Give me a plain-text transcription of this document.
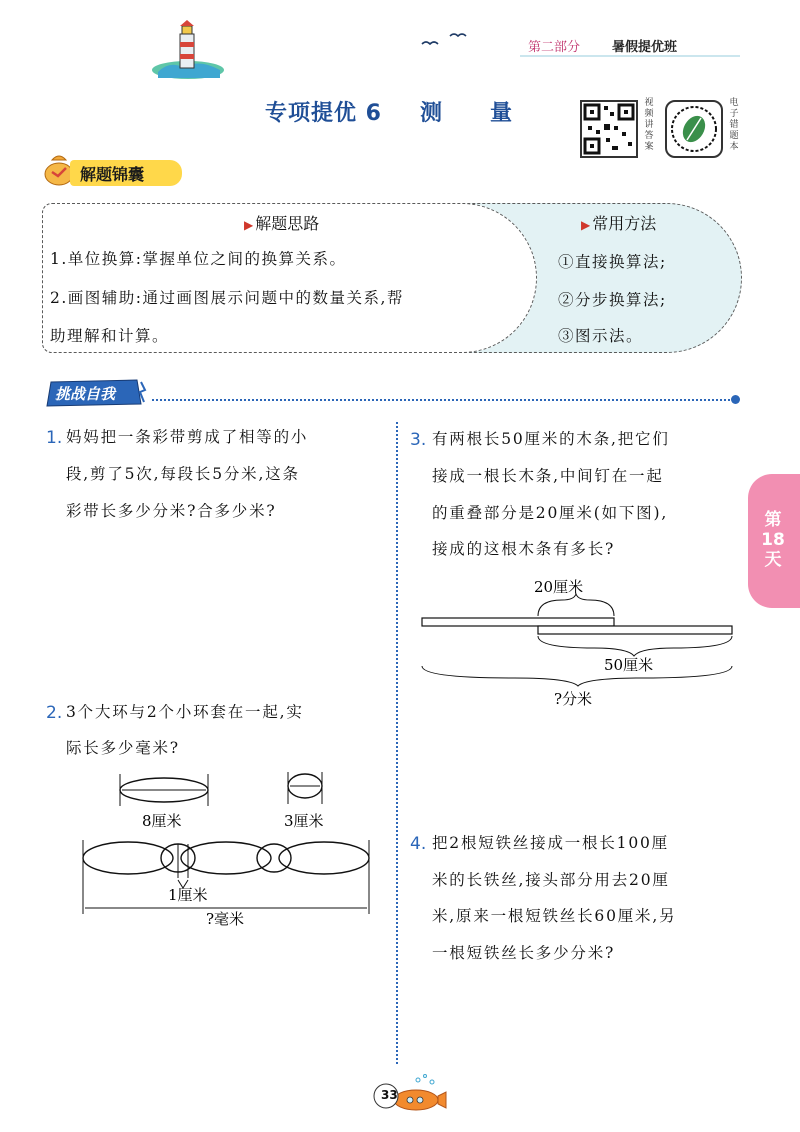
第二部分 暑假提优班
专项提优 6 测 量	视频讲答案
电子错题本
解题锦囊
▶ 解题思路
1.单位换算:掌握单位之间的换算关系。
2.画图辅助:通过画图展示问题中的数量关系,帮
助理解和计算。
▶ 常用方法
①直接换算法;
②分步换算法;
③图示法。
挑战自我
1. 妈妈把一条彩带剪成了相等的小
段,剪了5次,每段长5分米,这条
彩带长多少分米?合多少米?
2. 3个大环与2个小环套在一起,实
际长多少毫米?
8厘米	3厘米
1厘米
?毫米
3. 有两根长50厘米的木条,把它们
接成一根长木条,中间钉在一起
的重叠部分是20厘米(如下图),
接成的这根木条有多长?
20厘米
50厘米
?分米
4. 把2根短铁丝接成一根长100厘
米的长铁丝,接头部分用去20厘
米,原来一根短铁丝长60厘米,另
一根短铁丝长多少分米?
第
18
天
33
